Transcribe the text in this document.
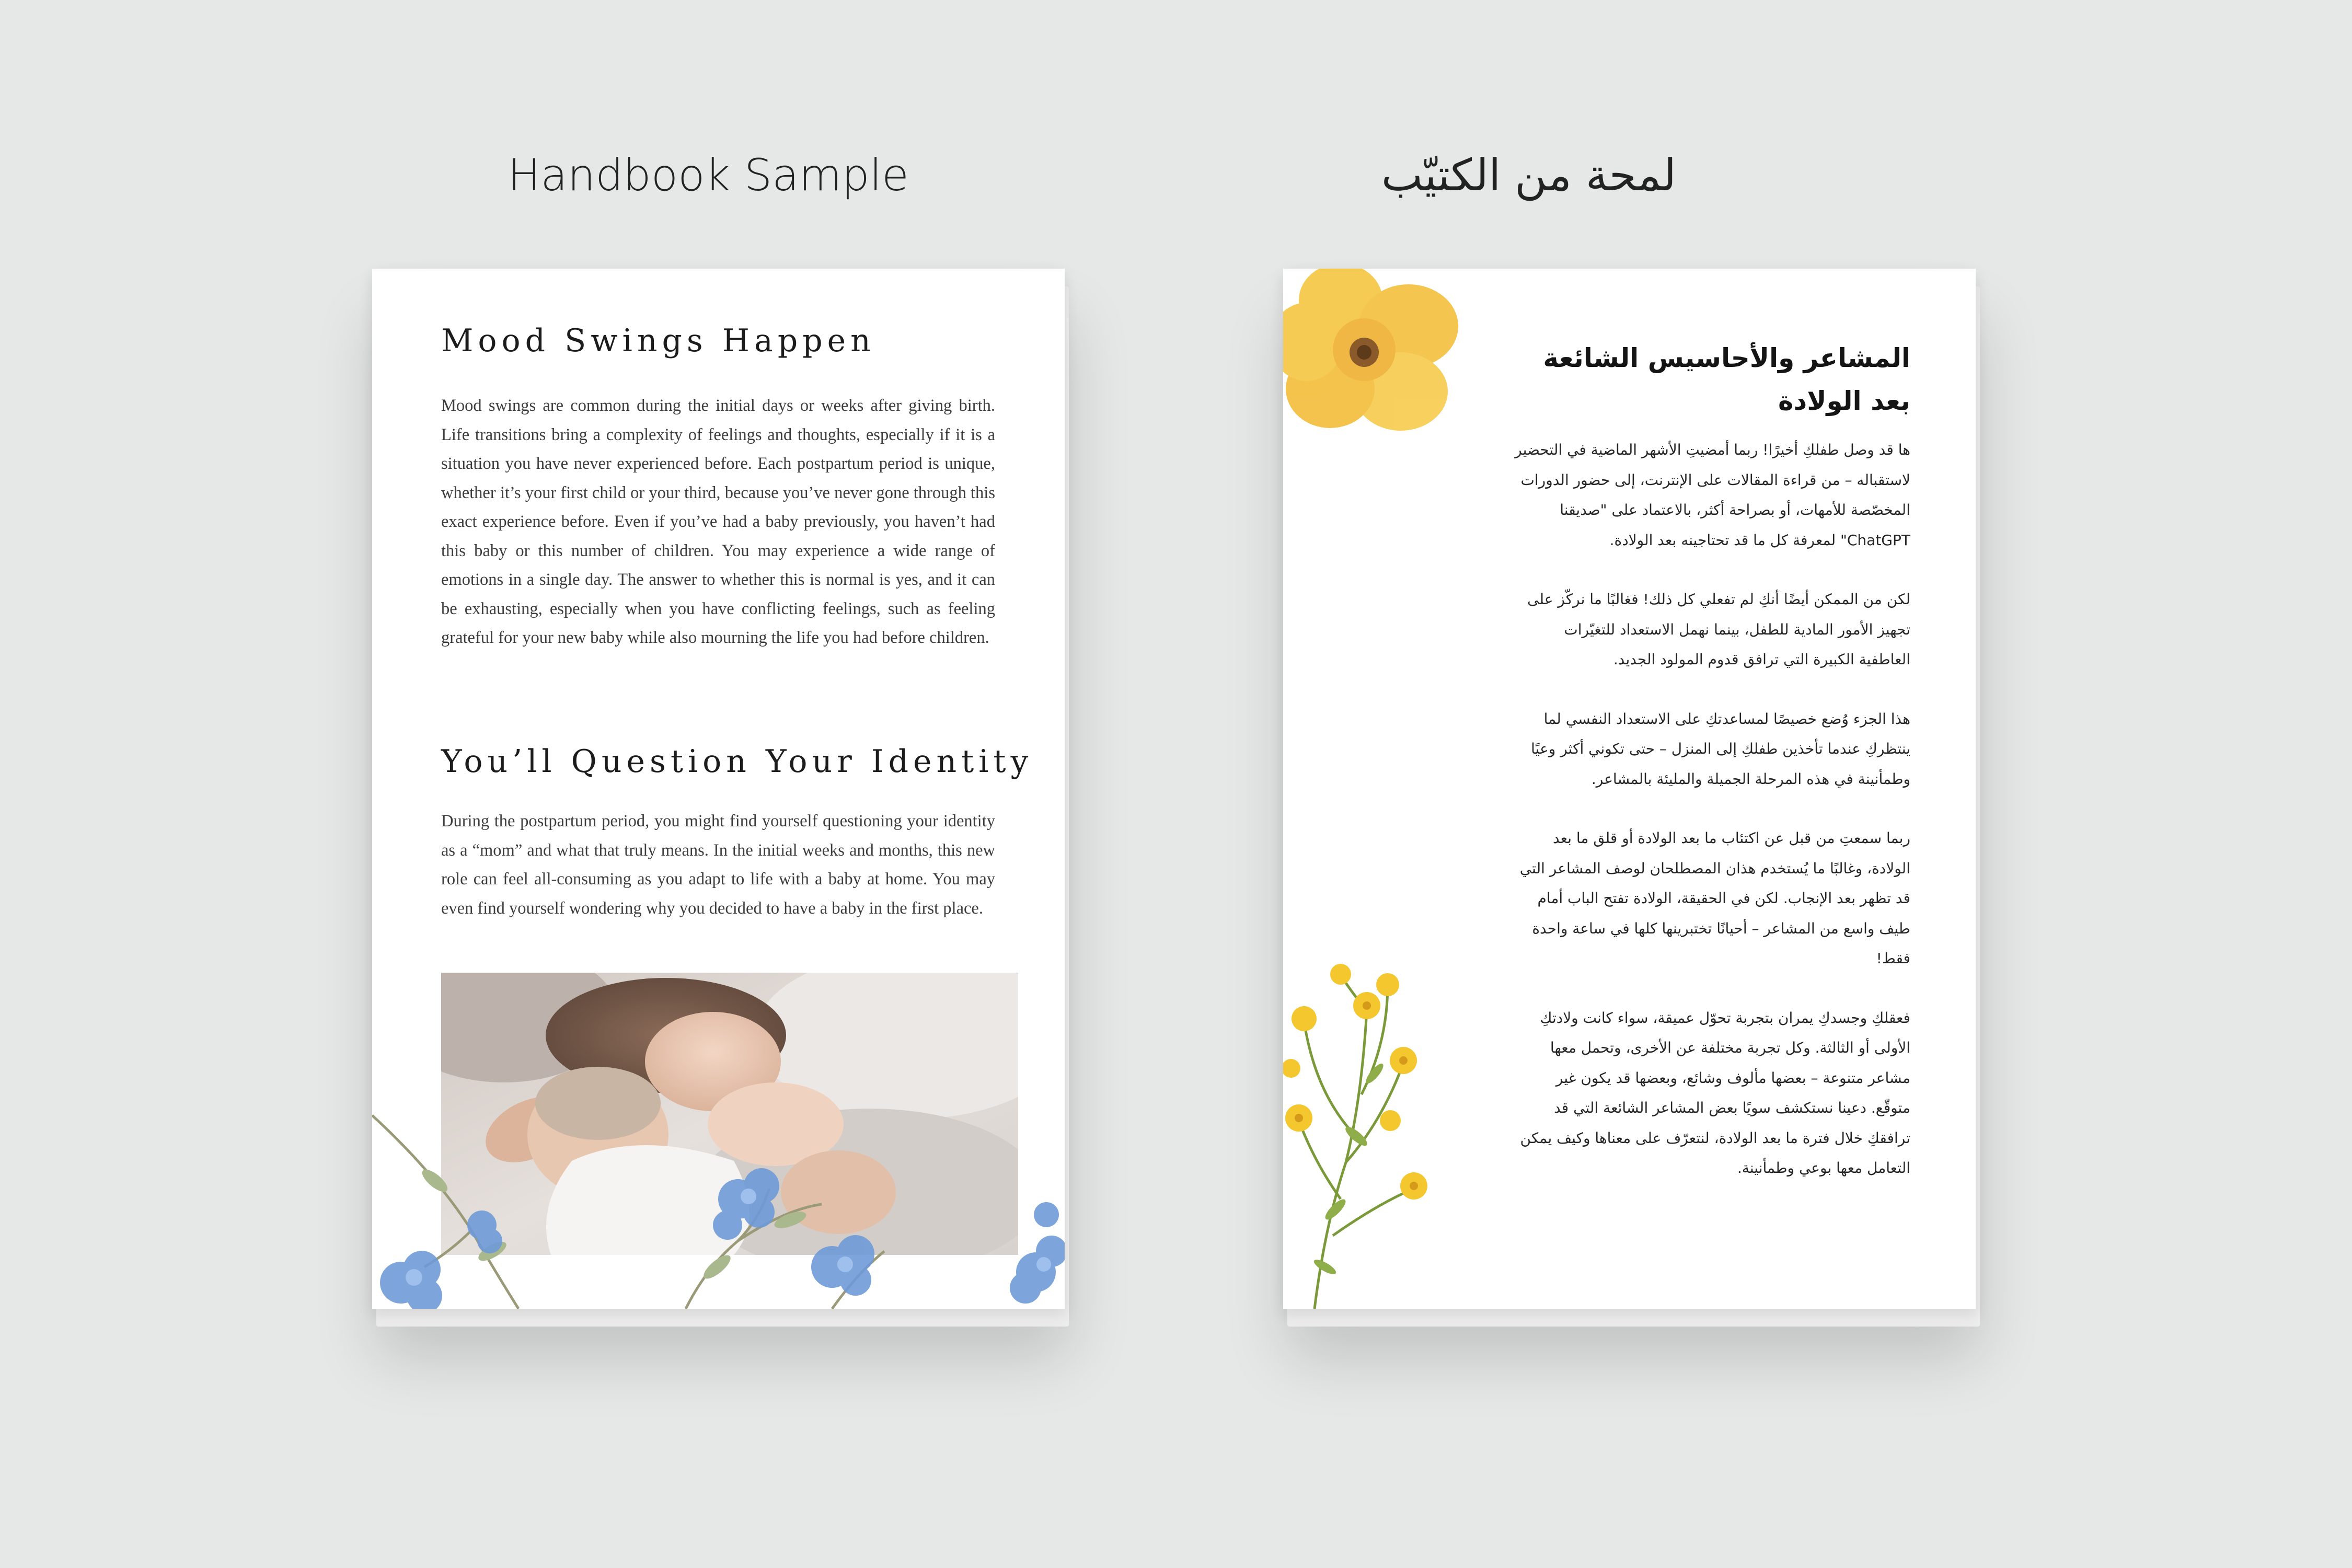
Handbook Sample	لمحة من الكتيّب
Mood Swings Happen

Mood swings are common during the initial days or weeks after giving birth. Life transitions bring a complexity of feelings and thoughts, especially if it is a situation you have never experienced before. Each postpartum period is unique, whether it’s your first child or your third, because you’ve never gone through this exact experience before. Even if you’ve had a baby previously, you haven’t had this baby or this number of children. You may experience a wide range of emotions in a single day. The answer to whether this is normal is yes, and it can be exhausting, especially when you have conflicting feelings, such as feeling grateful for your new baby while also mourning the life you had before children.

You’ll Question Your Identity

During the postpartum period, you might find yourself questioning your identity as a “mom” and what that truly means. In the initial weeks and months, this new role can feel all-consuming as you adapt to life with a baby at home. You may even find yourself wondering why you decided to have a baby in the first place.

المشاعر والأحاسيس الشائعة
بعد الولادة

ها قد وصل طفلكِ أخيرًا! ربما أمضيتِ الأشهر الماضية في التحضير
لاستقباله – من قراءة المقالات على الإنترنت، إلى حضور الدورات
المخصّصة للأمهات، أو بصراحة أكثر، بالاعتماد على "صديقنا
ChatGPT" لمعرفة كل ما قد تحتاجينه بعد الولادة.

لكن من الممكن أيضًا أنكِ لم تفعلي كل ذلك! فغالبًا ما نركّز على
تجهيز الأمور المادية للطفل، بينما نهمل الاستعداد للتغيّرات
العاطفية الكبيرة التي ترافق قدوم المولود الجديد.

هذا الجزء وُضع خصيصًا لمساعدتكِ على الاستعداد النفسي لما
ينتظركِ عندما تأخذين طفلكِ إلى المنزل – حتى تكوني أكثر وعيًا
وطمأنينة في هذه المرحلة الجميلة والمليئة بالمشاعر.

ربما سمعتِ من قبل عن اكتئاب ما بعد الولادة أو قلق ما بعد
الولادة، وغالبًا ما يُستخدم هذان المصطلحان لوصف المشاعر التي
قد تظهر بعد الإنجاب. لكن في الحقيقة، الولادة تفتح الباب أمام
طيف واسع من المشاعر – أحيانًا تختبرينها كلها في ساعة واحدة
فقط!

فعقلكِ وجسدكِ يمران بتجربة تحوّل عميقة، سواء كانت ولادتكِ
الأولى أو الثالثة. وكل تجربة مختلفة عن الأخرى، وتحمل معها
مشاعر متنوعة – بعضها مألوف وشائع، وبعضها قد يكون غير
متوقّع. دعينا نستكشف سويًا بعض المشاعر الشائعة التي قد
ترافقكِ خلال فترة ما بعد الولادة، لنتعرّف على معناها وكيف يمكن
التعامل معها بوعي وطمأنينة.
